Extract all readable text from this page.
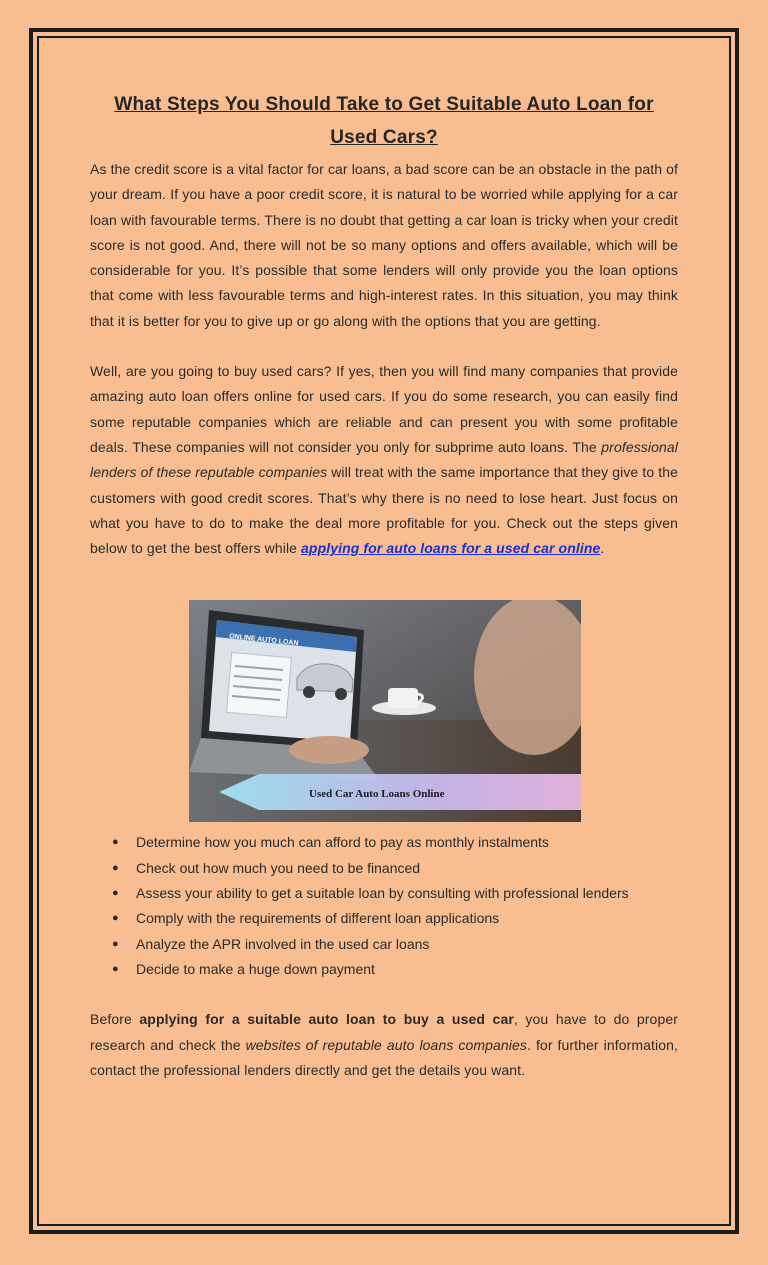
What Steps You Should Take to Get Suitable Auto Loan for Used Cars?

As the credit score is a vital factor for car loans, a bad score can be an obstacle in the path of your dream. If you have a poor credit score, it is natural to be worried while applying for a car loan with favourable terms. There is no doubt that getting a car loan is tricky when your credit score is not good. And, there will not be so many options and offers available, which will be considerable for you. It’s possible that some lenders will only provide you the loan options that come with less favourable terms and high-interest rates. In this situation, you may think that it is better for you to give up or go along with the options that you are getting.

Well, are you going to buy used cars? If yes, then you will find many companies that provide amazing auto loan offers online for used cars. If you do some research, you can easily find some reputable companies which are reliable and can present you with some profitable deals. These companies will not consider you only for subprime auto loans. The professional lenders of these reputable companies will treat with the same importance that they give to the customers with good credit scores. That’s why there is no need to lose heart. Just focus on what you have to do to make the deal more profitable for you. Check out the steps given below to get the best offers while applying for auto loans for a used car online.

ONLINE AUTO LOAN
Used Car Auto Loans Online
● Determine how you much can afford to pay as monthly instalments
● Check out how much you need to be financed
● Assess your ability to get a suitable loan by consulting with professional lenders
● Comply with the requirements of different loan applications
● Analyze the APR involved in the used car loans
● Decide to make a huge down payment

Before applying for a suitable auto loan to buy a used car, you have to do proper research and check the websites of reputable auto loans companies. for further information, contact the professional lenders directly and get the details you want.
